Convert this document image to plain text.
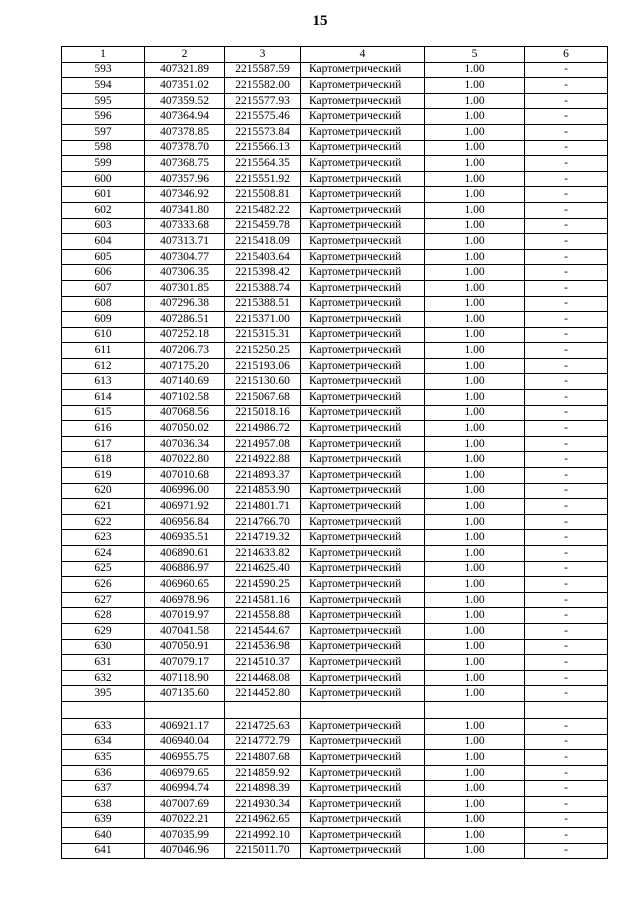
15
1	2	3	4	5	6
593	407321.89	2215587.59	Картометрический	1.00	-
594	407351.02	2215582.00	Картометрический	1.00	-
595	407359.52	2215577.93	Картометрический	1.00	-
596	407364.94	2215575.46	Картометрический	1.00	-
597	407378.85	2215573.84	Картометрический	1.00	-
598	407378.70	2215566.13	Картометрический	1.00	-
599	407368.75	2215564.35	Картометрический	1.00	-
600	407357.96	2215551.92	Картометрический	1.00	-
601	407346.92	2215508.81	Картометрический	1.00	-
602	407341.80	2215482.22	Картометрический	1.00	-
603	407333.68	2215459.78	Картометрический	1.00	-
604	407313.71	2215418.09	Картометрический	1.00	-
605	407304.77	2215403.64	Картометрический	1.00	-
606	407306.35	2215398.42	Картометрический	1.00	-
607	407301.85	2215388.74	Картометрический	1.00	-
608	407296.38	2215388.51	Картометрический	1.00	-
609	407286.51	2215371.00	Картометрический	1.00	-
610	407252.18	2215315.31	Картометрический	1.00	-
611	407206.73	2215250.25	Картометрический	1.00	-
612	407175.20	2215193.06	Картометрический	1.00	-
613	407140.69	2215130.60	Картометрический	1.00	-
614	407102.58	2215067.68	Картометрический	1.00	-
615	407068.56	2215018.16	Картометрический	1.00	-
616	407050.02	2214986.72	Картометрический	1.00	-
617	407036.34	2214957.08	Картометрический	1.00	-
618	407022.80	2214922.88	Картометрический	1.00	-
619	407010.68	2214893.37	Картометрический	1.00	-
620	406996.00	2214853.90	Картометрический	1.00	-
621	406971.92	2214801.71	Картометрический	1.00	-
622	406956.84	2214766.70	Картометрический	1.00	-
623	406935.51	2214719.32	Картометрический	1.00	-
624	406890.61	2214633.82	Картометрический	1.00	-
625	406886.97	2214625.40	Картометрический	1.00	-
626	406960.65	2214590.25	Картометрический	1.00	-
627	406978.96	2214581.16	Картометрический	1.00	-
628	407019.97	2214558.88	Картометрический	1.00	-
629	407041.58	2214544.67	Картометрический	1.00	-
630	407050.91	2214536.98	Картометрический	1.00	-
631	407079.17	2214510.37	Картометрический	1.00	-
632	407118.90	2214468.08	Картометрический	1.00	-
395	407135.60	2214452.80	Картометрический	1.00	-

633	406921.17	2214725.63	Картометрический	1.00	-
634	406940.04	2214772.79	Картометрический	1.00	-
635	406955.75	2214807.68	Картометрический	1.00	-
636	406979.65	2214859.92	Картометрический	1.00	-
637	406994.74	2214898.39	Картометрический	1.00	-
638	407007.69	2214930.34	Картометрический	1.00	-
639	407022.21	2214962.65	Картометрический	1.00	-
640	407035.99	2214992.10	Картометрический	1.00	-
641	407046.96	2215011.70	Картометрический	1.00	-
